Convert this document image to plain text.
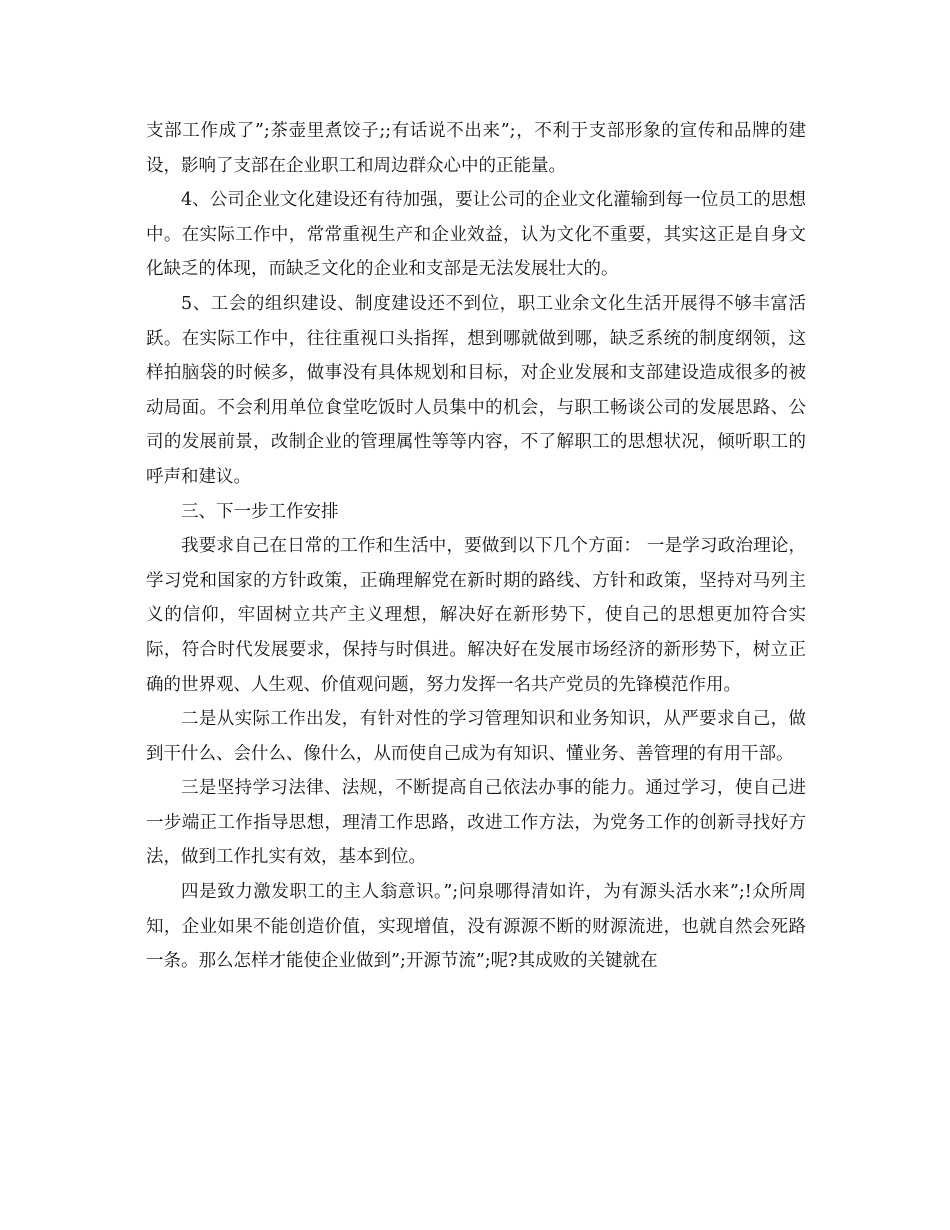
支部工作成了”;茶壶里煮饺子;;有话说不出来”;，不利于支部形象的宣传和品牌的建设，影响了支部在企业职工和周边群众心中的正能量。

4、公司企业文化建设还有待加强，要让公司的企业文化灌输到每一位员工的思想中。在实际工作中，常常重视生产和企业效益，认为文化不重要，其实这正是自身文化缺乏的体现，而缺乏文化的企业和支部是无法发展壮大的。

5、工会的组织建设、制度建设还不到位，职工业余文化生活开展得不够丰富活跃。在实际工作中，往往重视口头指挥，想到哪就做到哪，缺乏系统的制度纲领，这样拍脑袋的时候多，做事没有具体规划和目标，对企业发展和支部建设造成很多的被动局面。不会利用单位食堂吃饭时人员集中的机会，与职工畅谈公司的发展思路、公司的发展前景，改制企业的管理属性等等内容，不了解职工的思想状况，倾听职工的呼声和建议。

三、下一步工作安排

我要求自己在日常的工作和生活中，要做到以下几个方面： 一是学习政治理论，学习党和国家的方针政策，正确理解党在新时期的路线、方针和政策，坚持对马列主义的信仰，牢固树立共产主义理想，解决好在新形势下，使自己的思想更加符合实际，符合时代发展要求，保持与时俱进。解决好在发展市场经济的新形势下，树立正确的世界观、人生观、价值观问题，努力发挥一名共产党员的先锋模范作用。

二是从实际工作出发，有针对性的学习管理知识和业务知识，从严要求自己，做到干什么、会什么、像什么，从而使自己成为有知识、懂业务、善管理的有用干部。

三是坚持学习法律、法规，不断提高自己依法办事的能力。通过学习，使自己进一步端正工作指导思想，理清工作思路，改进工作方法，为党务工作的创新寻找好方法，做到工作扎实有效，基本到位。

四是致力激发职工的主人翁意识。”;问泉哪得清如许，为有源头活水来”;!众所周知，企业如果不能创造价值，实现增值，没有源源不断的财源流进，也就自然会死路一条。那么怎样才能使企业做到”;开源节流”;呢?其成败的关键就在
